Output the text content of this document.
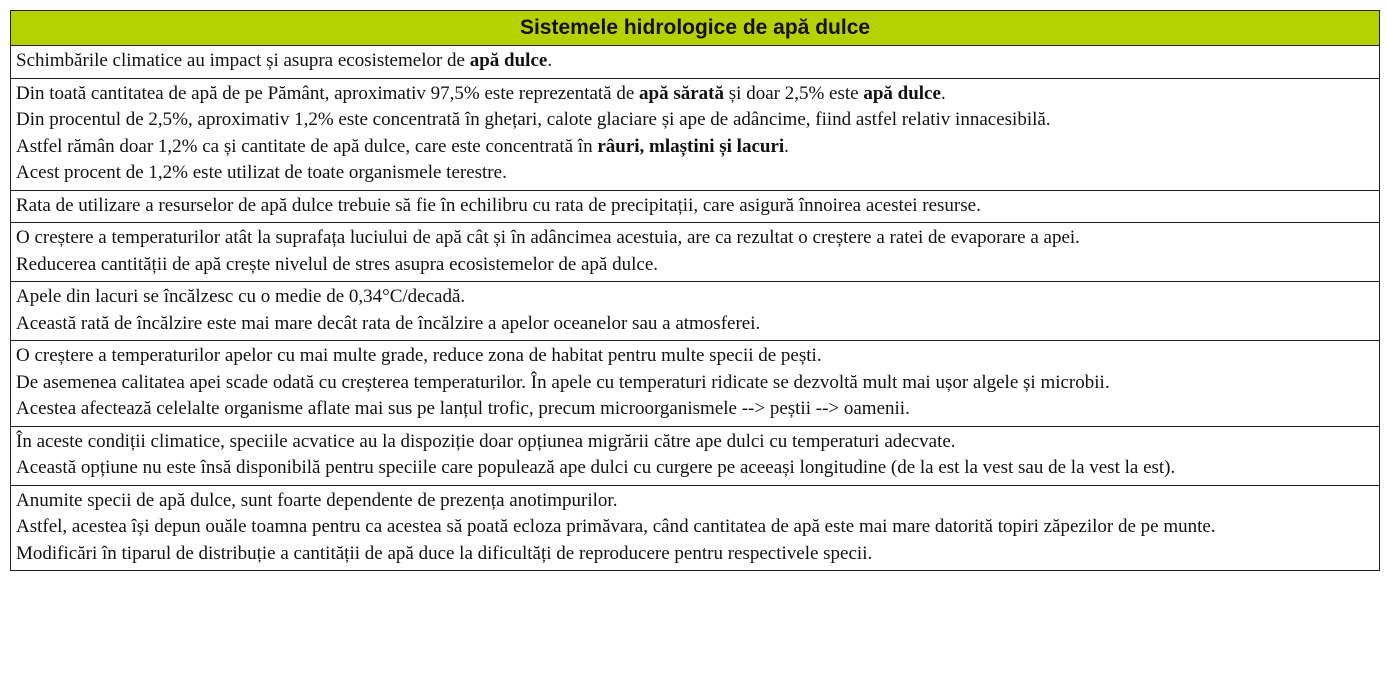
Sistemele hidrologice de apă dulce

Schimbările climatice au impact și asupra ecosistemelor de apă dulce.

Din toată cantitatea de apă de pe Pământ, aproximativ 97,5% este reprezentată de apă sărată și doar 2,5% este apă dulce.
Din procentul de 2,5%, aproximativ 1,2% este concentrată în ghețari, calote glaciare și ape de adâncime, fiind astfel relativ innacesibilă.
Astfel rămân doar 1,2% ca și cantitate de apă dulce, care este concentrată în râuri, mlaștini și lacuri.
Acest procent de 1,2% este utilizat de toate organismele terestre.

Rata de utilizare a resurselor de apă dulce trebuie să fie în echilibru cu rata de precipitații, care asigură înnoirea acestei resurse.

O creștere a temperaturilor atât la suprafața luciului de apă cât și în adâncimea acestuia, are ca rezultat o creștere a ratei de evaporare a apei.
Reducerea cantității de apă crește nivelul de stres asupra ecosistemelor de apă dulce.

Apele din lacuri se încălzesc cu o medie de 0,34°C/decadă.
Această rată de încălzire este mai mare decât rata de încălzire a apelor oceanelor sau a atmosferei.

O creștere a temperaturilor apelor cu mai multe grade, reduce zona de habitat pentru multe specii de pești.
De asemenea calitatea apei scade odată cu creșterea temperaturilor. În apele cu temperaturi ridicate se dezvoltă mult mai ușor algele și microbii.
Acestea afectează celelalte organisme aflate mai sus pe lanțul trofic, precum microorganismele --> peștii --> oamenii.

În aceste condiții climatice, speciile acvatice au la dispoziție doar opțiunea migrării către ape dulci cu temperaturi adecvate.
Această opțiune nu este însă disponibilă pentru speciile care populează ape dulci cu curgere pe aceeași longitudine (de la est la vest sau de la vest la est).

Anumite specii de apă dulce, sunt foarte dependente de prezența anotimpurilor.
Astfel, acestea își depun ouăle toamna pentru ca acestea să poată ecloza primăvara, când cantitatea de apă este mai mare datorită topiri zăpezilor de pe munte.
Modificări în tiparul de distribuție a cantității de apă duce la dificultăți de reproducere pentru respectivele specii.
